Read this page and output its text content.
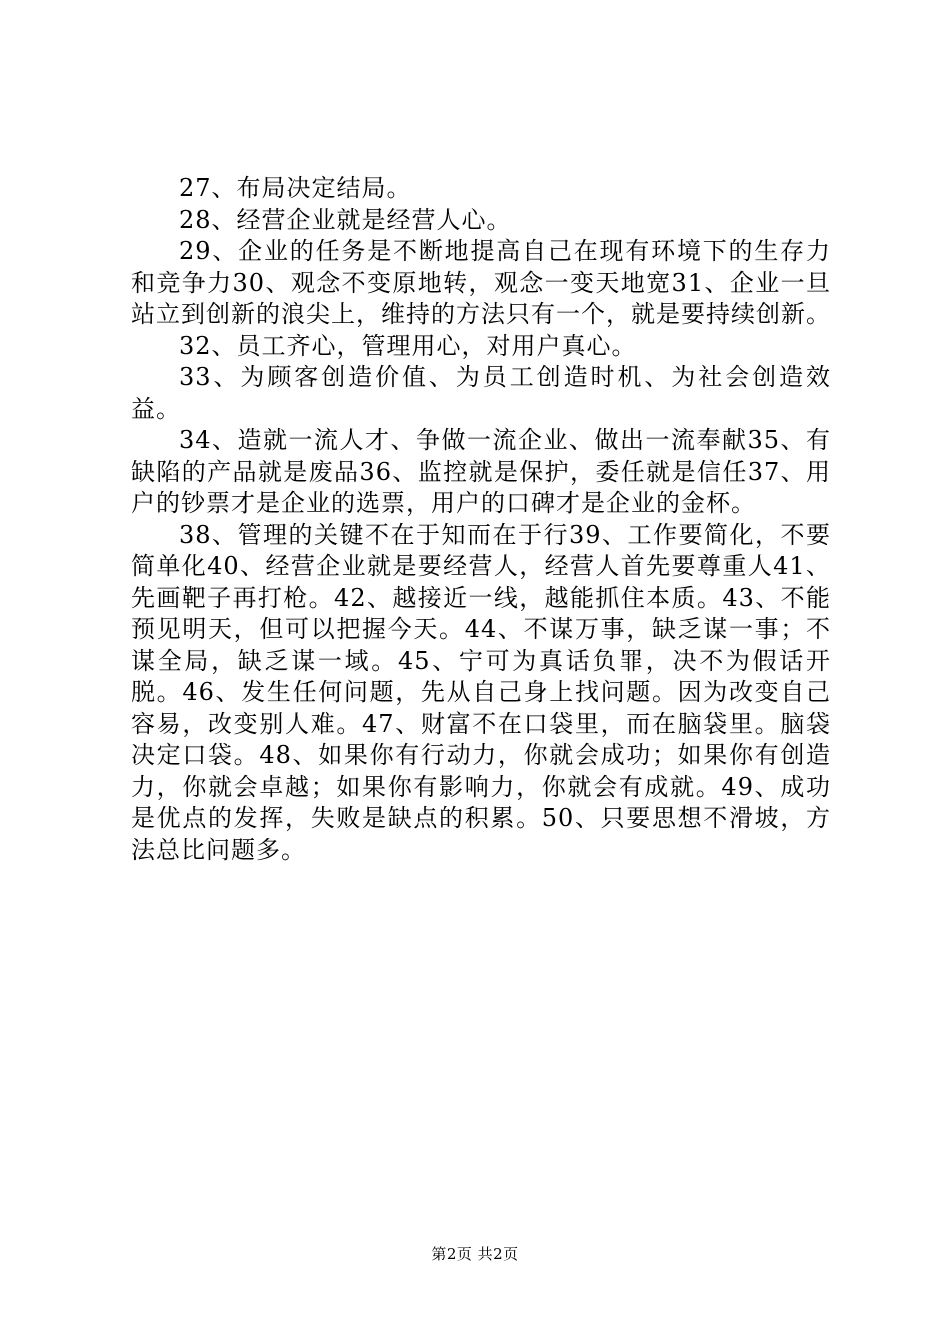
27、布局决定结局。

28、经营企业就是经营人心。

29、企业的任务是不断地提高自己在现有环境下的生存力和竞争力30、观念不变原地转，观念一变天地宽31、企业一旦站立到创新的浪尖上，维持的方法只有一个，就是要持续创新。

32、员工齐心，管理用心，对用户真心。

33、为顾客创造价值、为员工创造时机、为社会创造效益。

34、造就一流人才、争做一流企业、做出一流奉献35、有缺陷的产品就是废品36、监控就是保护，委任就是信任37、用户的钞票才是企业的选票，用户的口碑才是企业的金杯。

38、管理的关键不在于知而在于行39、工作要简化，不要简单化40、经营企业就是要经营人，经营人首先要尊重人41、先画靶子再打枪。42、越接近一线，越能抓住本质。43、不能预见明天，但可以把握今天。44、不谋万事，缺乏谋一事；不谋全局，缺乏谋一域。45、宁可为真话负罪，决不为假话开脱。46、发生任何问题，先从自己身上找问题。因为改变自己容易，改变别人难。47、财富不在口袋里，而在脑袋里。脑袋决定口袋。48、如果你有行动力，你就会成功；如果你有创造力，你就会卓越；如果你有影响力，你就会有成就。49、成功是优点的发挥，失败是缺点的积累。50、只要思想不滑坡，方法总比问题多。

第2页 共2页
